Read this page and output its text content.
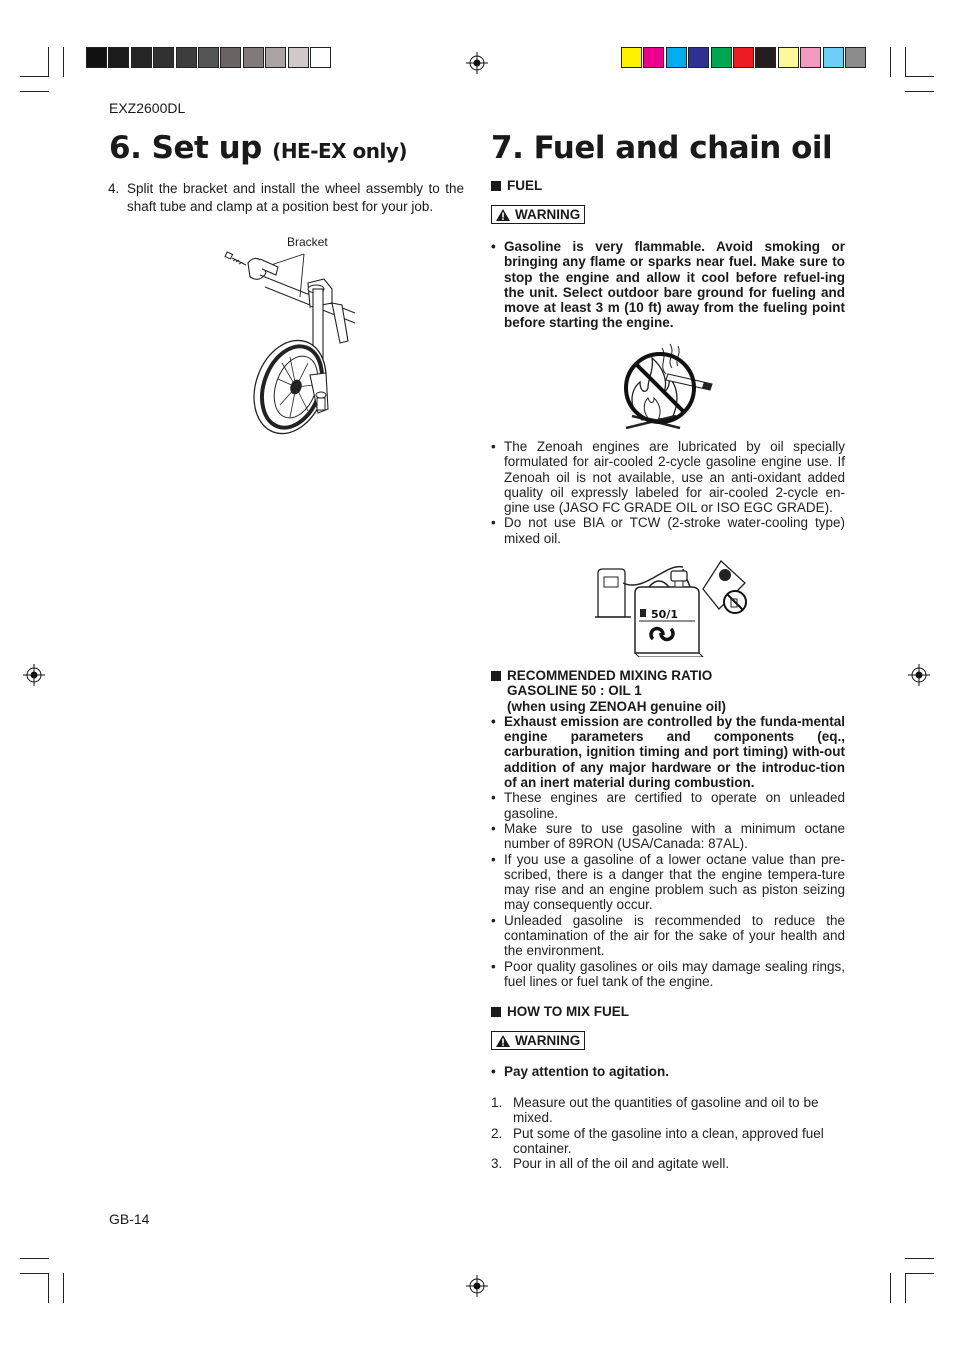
EXZ2600DL
GB-14
6. Set up (HE-EX only)
4. Split the bracket and install the wheel assembly to the shaft tube and clamp at a position best for your job.
Bracket
7. Fuel and chain oil
FUEL
WARNING
• Gasoline is very flammable. Avoid smoking or bringing any flame or sparks near fuel. Make sure to stop the engine and allow it cool before refuel-ing the unit. Select outdoor bare ground for fueling and move at least 3 m (10 ft) away from the fueling point before starting the engine.
• The Zenoah engines are lubricated by oil specially formulated for air-cooled 2-cycle gasoline engine use. If Zenoah oil is not available, use an anti-oxidant added quality oil expressly labeled for air-cooled 2-cycle en-gine use (JASO FC GRADE OIL or ISO EGC GRADE).
• Do not use BIA or TCW (2-stroke water-cooling type) mixed oil.
50/1
RECOMMENDED MIXING RATIO
GASOLINE 50 : OIL 1
(when using ZENOAH genuine oil)
• Exhaust emission are controlled by the funda-mental engine parameters and components (eq., carburation, ignition timing and port timing) with-out addition of any major hardware or the introduc-tion of an inert material during combustion.
• These engines are certified to operate on unleaded gasoline.
• Make sure to use gasoline with a minimum octane number of 89RON (USA/Canada: 87AL).
• If you use a gasoline of a lower octane value than pre-scribed, there is a danger that the engine tempera-ture may rise and an engine problem such as piston seizing may consequently occur.
• Unleaded gasoline is recommended to reduce the contamination of the air for the sake of your health and the environment.
• Poor quality gasolines or oils may damage sealing rings, fuel lines or fuel tank of the engine.
HOW TO MIX FUEL
WARNING
• Pay attention to agitation.
1. Measure out the quantities of gasoline and oil to be mixed.
2. Put some of the gasoline into a clean, approved fuel container.
3. Pour in all of the oil and agitate well.
